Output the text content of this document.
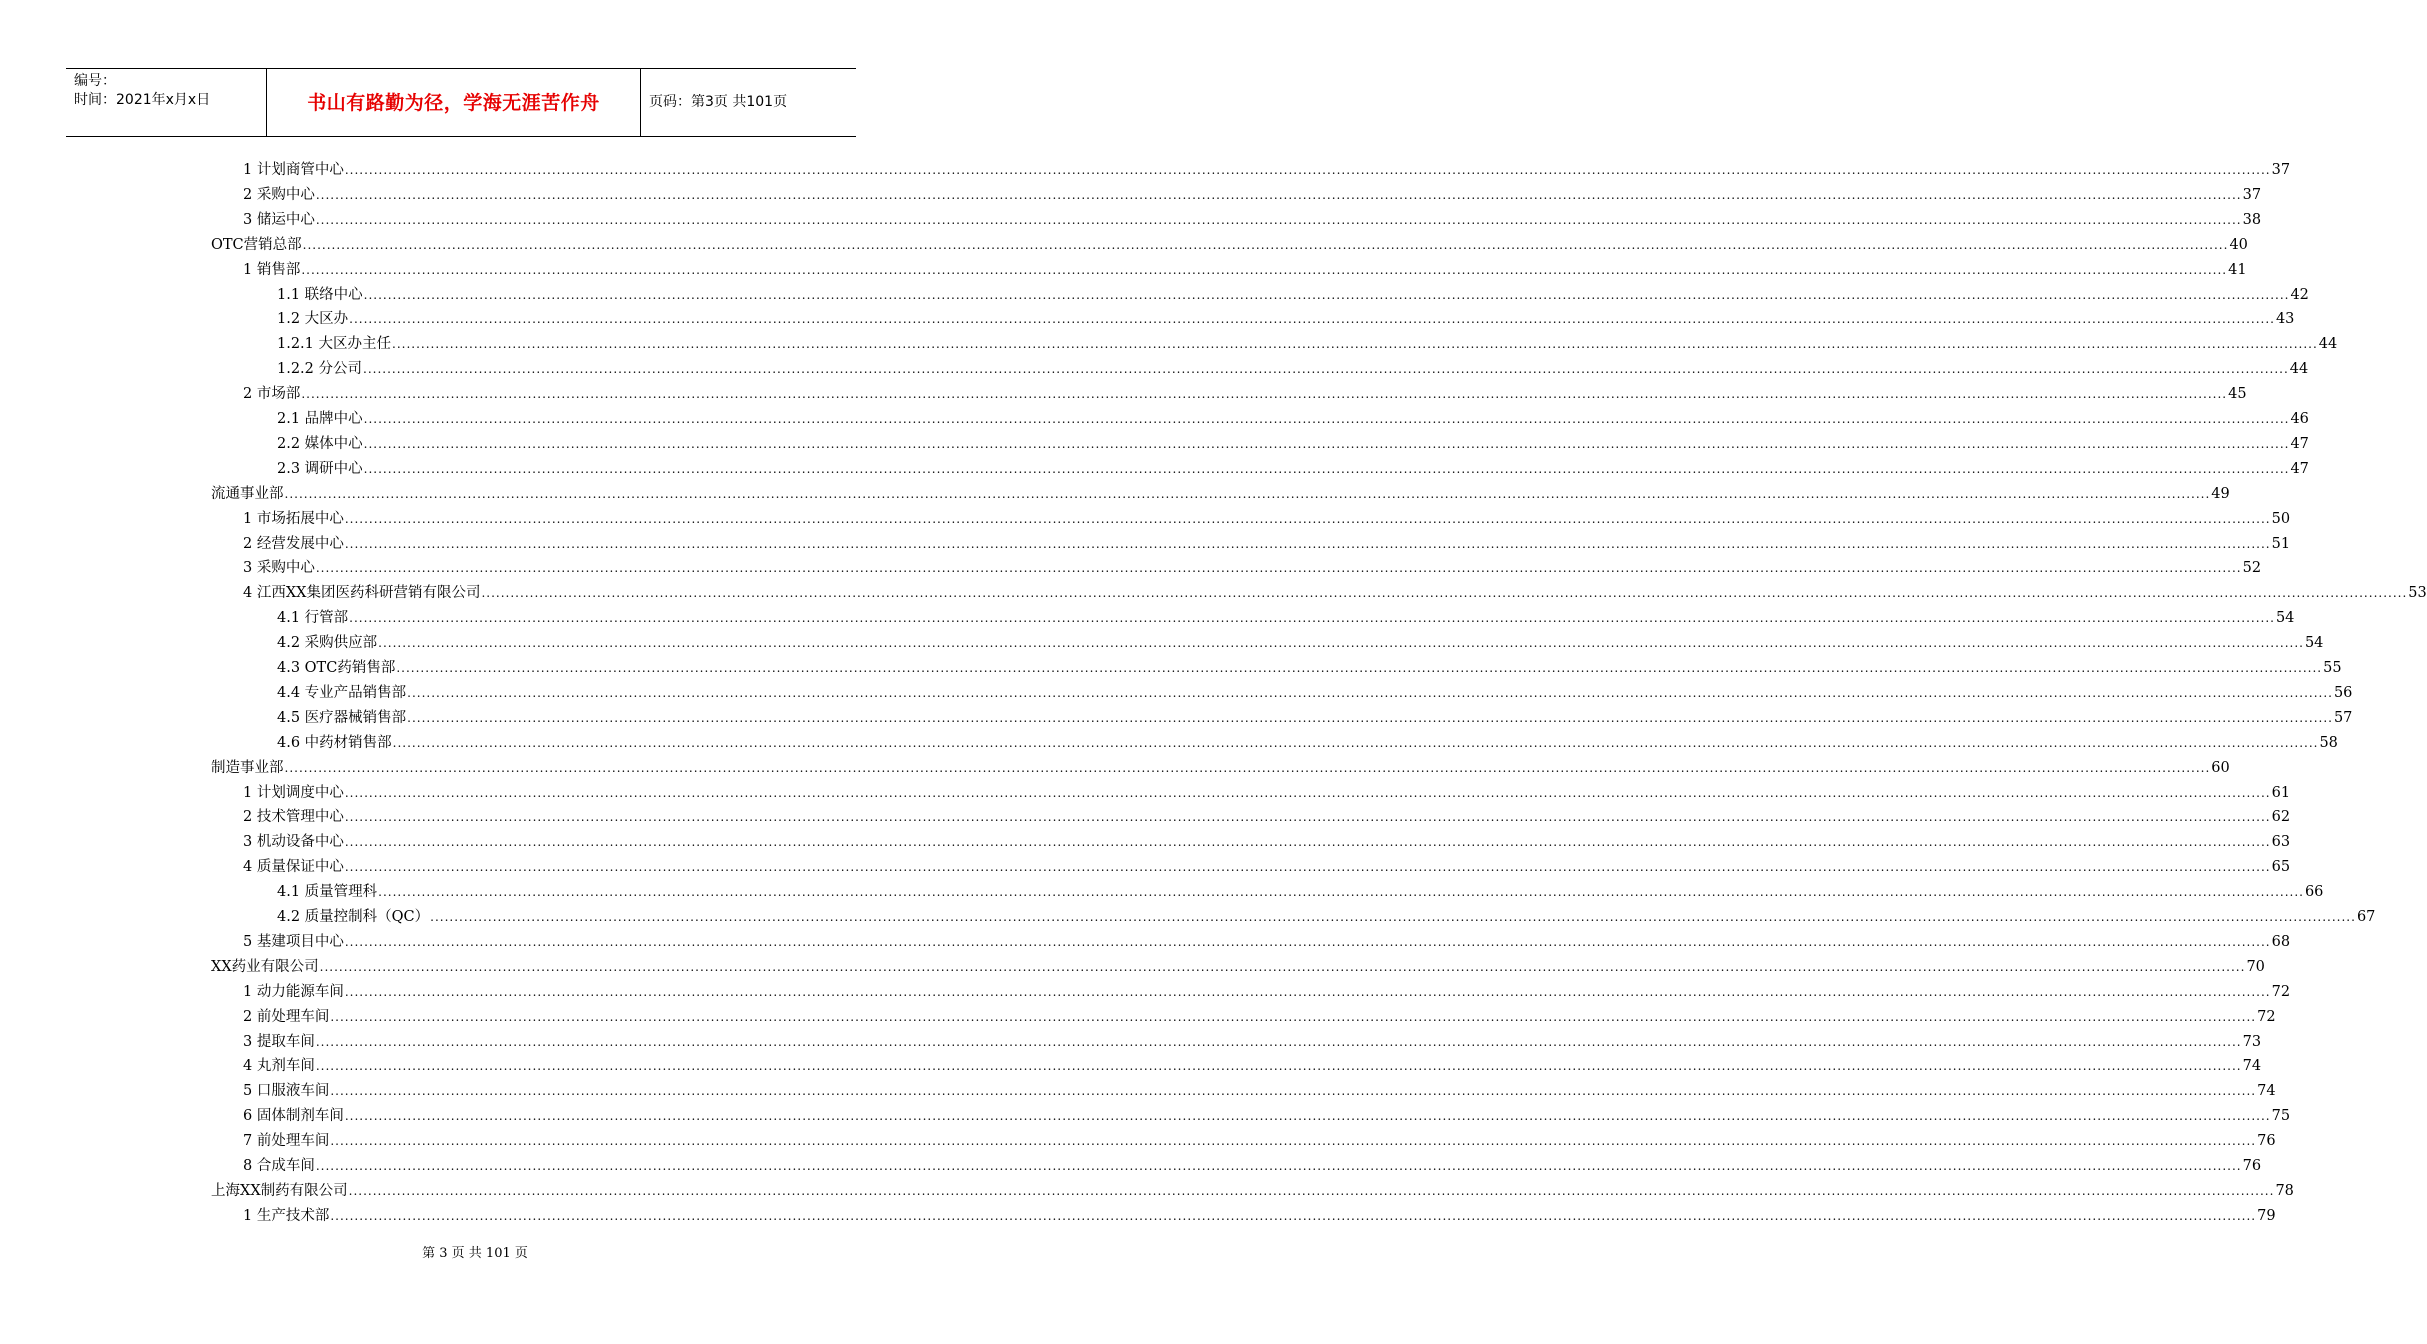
编号：
时间：2021年x月x日	书山有路勤为径，学海无涯苦作舟	页码：第3页 共101页
1 计划商管中心 ................................................................................................................................................................................................................................................................................................................................................................................................................ 37
2 采购中心 ................................................................................................................................................................................................................................................................................................................................................................................................................ 37
3 储运中心 ................................................................................................................................................................................................................................................................................................................................................................................................................ 38
OTC营销总部 ................................................................................................................................................................................................................................................................................................................................................................................................................ 40
1 销售部 ................................................................................................................................................................................................................................................................................................................................................................................................................ 41
1.1 联络中心 ................................................................................................................................................................................................................................................................................................................................................................................................................ 42
1.2 大区办 ................................................................................................................................................................................................................................................................................................................................................................................................................ 43
1.2.1 大区办主任 ................................................................................................................................................................................................................................................................................................................................................................................................................ 44
1.2.2 分公司 ................................................................................................................................................................................................................................................................................................................................................................................................................ 44
2 市场部 ................................................................................................................................................................................................................................................................................................................................................................................................................ 45
2.1 品牌中心 ................................................................................................................................................................................................................................................................................................................................................................................................................ 46
2.2 媒体中心 ................................................................................................................................................................................................................................................................................................................................................................................................................ 47
2.3 调研中心 ................................................................................................................................................................................................................................................................................................................................................................................................................ 47
流通事业部 ................................................................................................................................................................................................................................................................................................................................................................................................................ 49
1 市场拓展中心 ................................................................................................................................................................................................................................................................................................................................................................................................................ 50
2 经营发展中心 ................................................................................................................................................................................................................................................................................................................................................................................................................ 51
3 采购中心 ................................................................................................................................................................................................................................................................................................................................................................................................................ 52
4 江西XX集团医药科研营销有限公司 ................................................................................................................................................................................................................................................................................................................................................................................................................ 53
4.1 行管部 ................................................................................................................................................................................................................................................................................................................................................................................................................ 54
4.2 采购供应部 ................................................................................................................................................................................................................................................................................................................................................................................................................ 54
4.3 OTC药销售部 ................................................................................................................................................................................................................................................................................................................................................................................................................ 55
4.4 专业产品销售部 ................................................................................................................................................................................................................................................................................................................................................................................................................ 56
4.5 医疗器械销售部 ................................................................................................................................................................................................................................................................................................................................................................................................................ 57
4.6 中药材销售部 ................................................................................................................................................................................................................................................................................................................................................................................................................ 58
制造事业部 ................................................................................................................................................................................................................................................................................................................................................................................................................ 60
1 计划调度中心 ................................................................................................................................................................................................................................................................................................................................................................................................................ 61
2 技术管理中心 ................................................................................................................................................................................................................................................................................................................................................................................................................ 62
3 机动设备中心 ................................................................................................................................................................................................................................................................................................................................................................................................................ 63
4 质量保证中心 ................................................................................................................................................................................................................................................................................................................................................................................................................ 65
4.1 质量管理科 ................................................................................................................................................................................................................................................................................................................................................................................................................ 66
4.2 质量控制科（QC） ................................................................................................................................................................................................................................................................................................................................................................................................................ 67
5 基建项目中心 ................................................................................................................................................................................................................................................................................................................................................................................................................ 68
XX药业有限公司 ................................................................................................................................................................................................................................................................................................................................................................................................................ 70
1 动力能源车间 ................................................................................................................................................................................................................................................................................................................................................................................................................ 72
2 前处理车间 ................................................................................................................................................................................................................................................................................................................................................................................................................ 72
3 提取车间 ................................................................................................................................................................................................................................................................................................................................................................................................................ 73
4 丸剂车间 ................................................................................................................................................................................................................................................................................................................................................................................................................ 74
5 口服液车间 ................................................................................................................................................................................................................................................................................................................................................................................................................ 74
6 固体制剂车间 ................................................................................................................................................................................................................................................................................................................................................................................................................ 75
7 前处理车间 ................................................................................................................................................................................................................................................................................................................................................................................................................ 76
8 合成车间 ................................................................................................................................................................................................................................................................................................................................................................................................................ 76
上海XX制药有限公司 ................................................................................................................................................................................................................................................................................................................................................................................................................ 78
1 生产技术部 ................................................................................................................................................................................................................................................................................................................................................................................................................ 79
第 3 页 共 101 页
